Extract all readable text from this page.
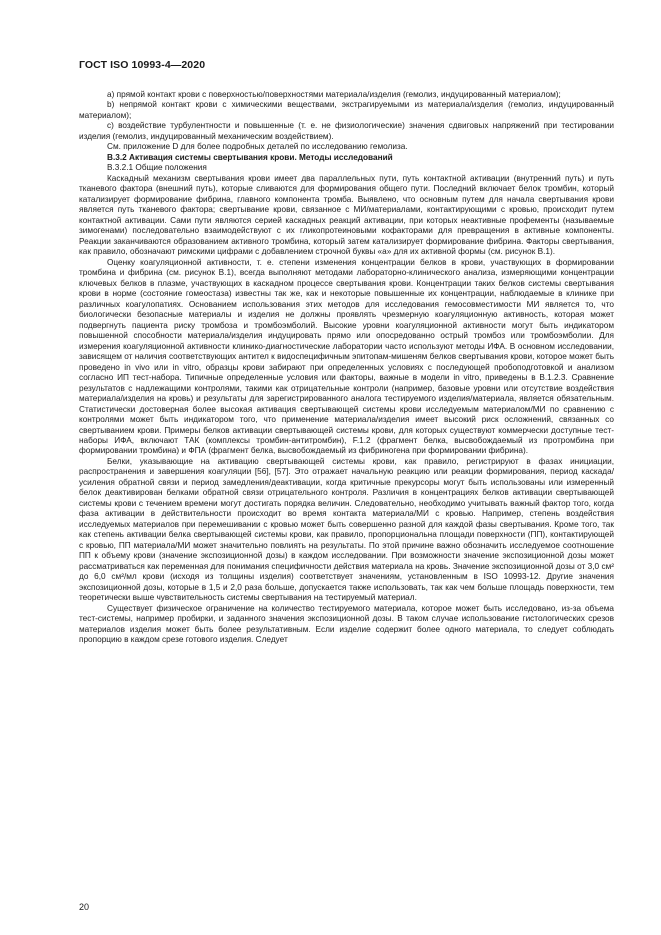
ГОСТ ISO 10993-4—2020

а) прямой контакт крови с поверхностью/поверхностями материала/изделия (гемолиз, индуцированный материалом);

b) непрямой контакт крови с химическими веществами, экстрагируемыми из материала/изделия (гемолиз, индуцированный материалом);

с) воздействие турбулентности и повышенные (т. е. не физиологические) значения сдвиговых напряжений при тестировании изделия (гемолиз, индуцированный механическим воздействием).

См. приложение D для более подробных деталей по исследованию гемолиза.

В.3.2 Активация системы свертывания крови. Методы исследований

В.3.2.1 Общие положения

Каскадный механизм свертывания крови имеет два параллельных пути, путь контактной активации (внутренний путь) и путь тканевого фактора (внешний путь), которые сливаются для формирования общего пути. Последний включает белок тромбин, который катализирует формирование фибрина, главного компонента тромба. Выявлено, что основным путем для начала свертывания крови является путь тканевого фактора; свертывание крови, связанное с МИ/материалами, контактирующими с кровью, происходит путем контактной активации. Сами пути являются серией каскадных реакций активации, при которых неактивные профементы (называемые зимогенами) последовательно взаимодействуют с их гликопротеиновыми кофакторами для превращения в активные компоненты. Реакции заканчиваются образованием активного тромбина, который затем катализирует формирование фибрина. Факторы свертывания, как правило, обозначают римскими цифрами с добавлением строчной буквы «а» для их активной формы (см. рисунок В.1).

Оценку коагуляционной активности, т. е. степени изменения концентрации белков в крови, участвующих в формировании тромбина и фибрина (см. рисунок В.1), всегда выполняют методами лабораторно-клинического анализа, измеряющими концентрации ключевых белков в плазме, участвующих в каскадном процессе свертывания крови. Концентрации таких белков системы свертывания крови в норме (состояние гомеостаза) известны так же, как и некоторые повышенные их концентрации, наблюдаемые в клинике при различных коагулопатиях. Основанием использования этих методов для исследования гемосовместимости МИ является то, что биологически безопасные материалы и изделия не должны проявлять чрезмерную коагуляционную активность, которая может подвергнуть пациента риску тромбоза и тромбоэмболий. Высокие уровни коагуляционной активности могут быть индикатором повышенной способности материала/изделия индуцировать прямо или опосредованно острый тромбоз или тромбоэмболии. Для измерения коагуляционной активности клинико-диагностические лаборатории часто используют методы ИФА. В основном исследовании, зависящем от наличия соответствующих антител к видоспецифичным эпитопам-мишеням белков свертывания крови, которое может быть проведено in vivo или in vitro, образцы крови забирают при определенных условиях с последующей пробоподготовкой и анализом согласно ИП тест-набора. Типичные определенные условия или факторы, важные в модели in vitro, приведены в В.1.2.3. Сравнение результатов с надлежащими контролями, такими как отрицательные контроли (например, базовые уровни или отсутствие воздействия материала/изделия на кровь) и результаты для зарегистрированного аналога тестируемого изделия/материала, является обязательным. Статистически достоверная более высокая активация свертывающей системы крови исследуемым материалом/МИ по сравнению с контролями может быть индикатором того, что применение материала/изделия имеет высокий риск осложнений, связанных со свертыванием крови. Примеры белков активации свертывающей системы крови, для которых существуют коммерчески доступные тест-наборы ИФА, включают ТАК (комплексы тромбин-антитромбин), F.1.2 (фрагмент белка, высвобождаемый из протромбина при формировании тромбина) и ФПА (фрагмент белка, высвобождаемый из фибриногена при формировании фибрина).

Белки, указывающие на активацию свертывающей системы крови, как правило, регистрируют в фазах инициации, распространения и завершения коагуляции [56], [57]. Это отражает начальную реакцию или реакции формирования, период каскада/усиления обратной связи и период замедления/деактивации, когда критичные прекурсоры могут быть использованы или измеренный белок деактивирован белками обратной связи отрицательного контроля. Различия в концентрациях белков активации свертывающей системы крови с течением времени могут достигать порядка величин. Следовательно, необходимо учитывать важный фактор того, когда фаза активации в действительности происходит во время контакта материала/МИ с кровью. Например, степень воздействия исследуемых материалов при перемешивании с кровью может быть совершенно разной для каждой фазы свертывания. Кроме того, так как степень активации белка свертывающей системы крови, как правило, пропорциональна площади поверхности (ПП), контактирующей с кровью, ПП материала/МИ может значительно повлиять на результаты. По этой причине важно обозначить исследуемое соотношение ПП к объему крови (значение экспозиционной дозы) в каждом исследовании. При возможности значение экспозиционной дозы может рассматриваться как переменная для понимания специфичности действия материала на кровь. Значение экспозиционной дозы от 3,0 см² до 6,0 см²/мл крови (исходя из толщины изделия) соответствует значениям, установленным в ISO 10993-12. Другие значения экспозиционной дозы, которые в 1,5 и 2,0 раза больше, допускается также использовать, так как чем больше площадь поверхности, тем теоретически выше чувствительность системы свертывания на тестируемый материал.

Существует физическое ограничение на количество тестируемого материала, которое может быть исследовано, из-за объема тест-системы, например пробирки, и заданного значения экспозиционной дозы. В таком случае использование гистологических срезов материалов изделия может быть более результативным. Если изделие содержит более одного материала, то следует соблюдать пропорцию в каждом срезе готового изделия. Следует

20
